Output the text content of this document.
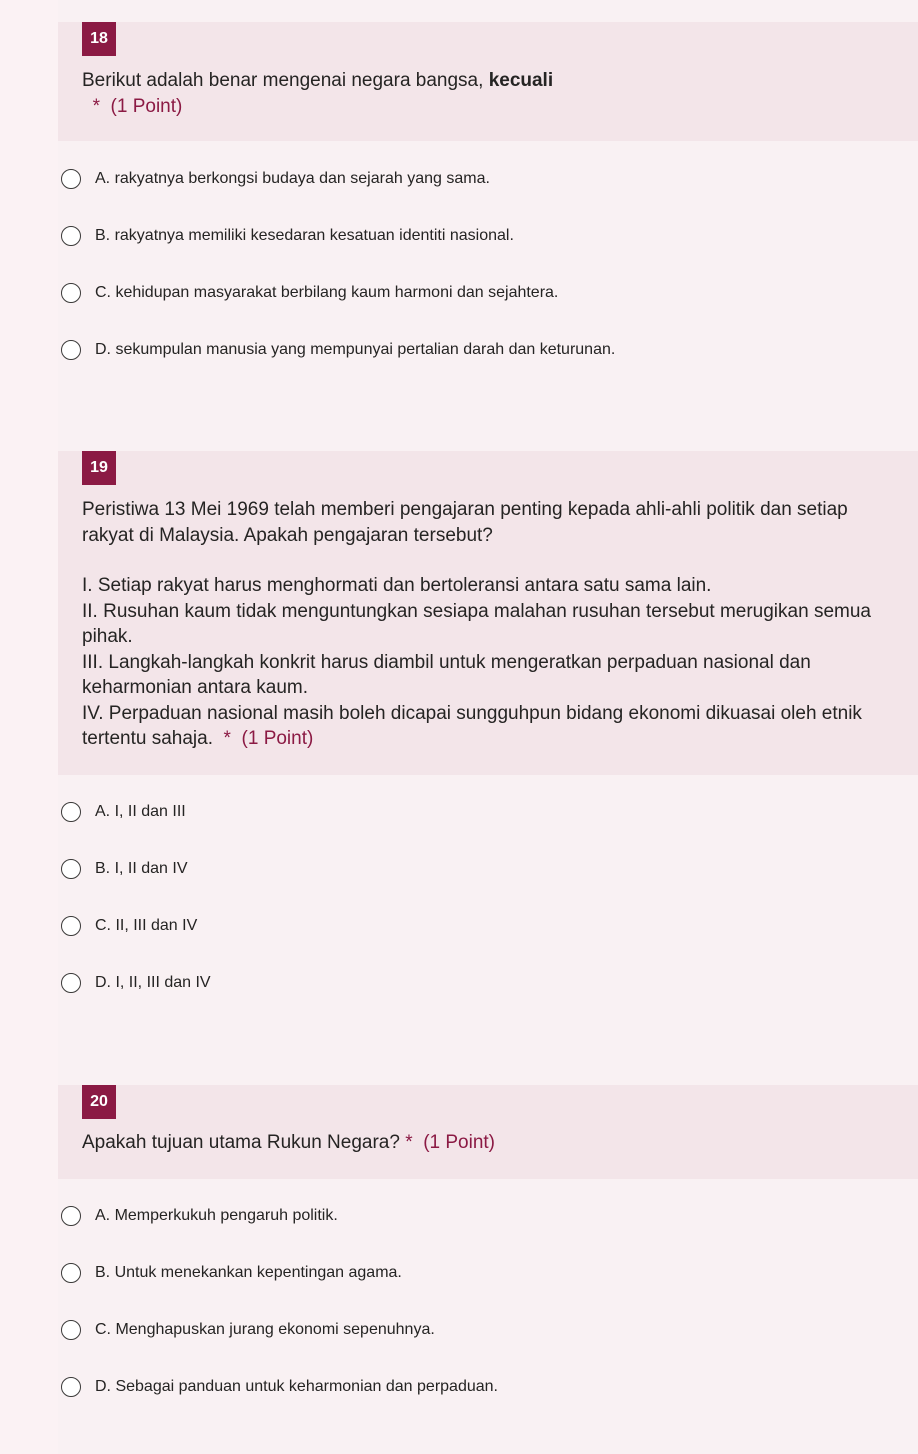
18

Berikut adalah benar mengenai negara bangsa, kecuali

* (1 Point)

A. rakyatnya berkongsi budaya dan sejarah yang sama.
B. rakyatnya memiliki kesedaran kesatuan identiti nasional.
C. kehidupan masyarakat berbilang kaum harmoni dan sejahtera.
D. sekumpulan manusia yang mempunyai pertalian darah dan keturunan.
19

Peristiwa 13 Mei 1969 telah memberi pengajaran penting kepada ahli-ahli politik dan setiap rakyat di Malaysia. Apakah pengajaran tersebut?

I. Setiap rakyat harus menghormati dan bertoleransi antara satu sama lain.

II. Rusuhan kaum tidak menguntungkan sesiapa malahan rusuhan tersebut merugikan semua pihak.

III. Langkah-langkah konkrit harus diambil untuk mengeratkan perpaduan nasional dan keharmonian antara kaum.

IV. Perpaduan nasional masih boleh dicapai sungguhpun bidang ekonomi dikuasai oleh etnik tertentu sahaja. * (1 Point)

A. I, II dan III
B. I, II dan IV
C. II, III dan IV
D. I, II, III dan IV
20

Apakah tujuan utama Rukun Negara? * (1 Point)

A. Memperkukuh pengaruh politik.
B. Untuk menekankan kepentingan agama.
C. Menghapuskan jurang ekonomi sepenuhnya.
D. Sebagai panduan untuk keharmonian dan perpaduan.
